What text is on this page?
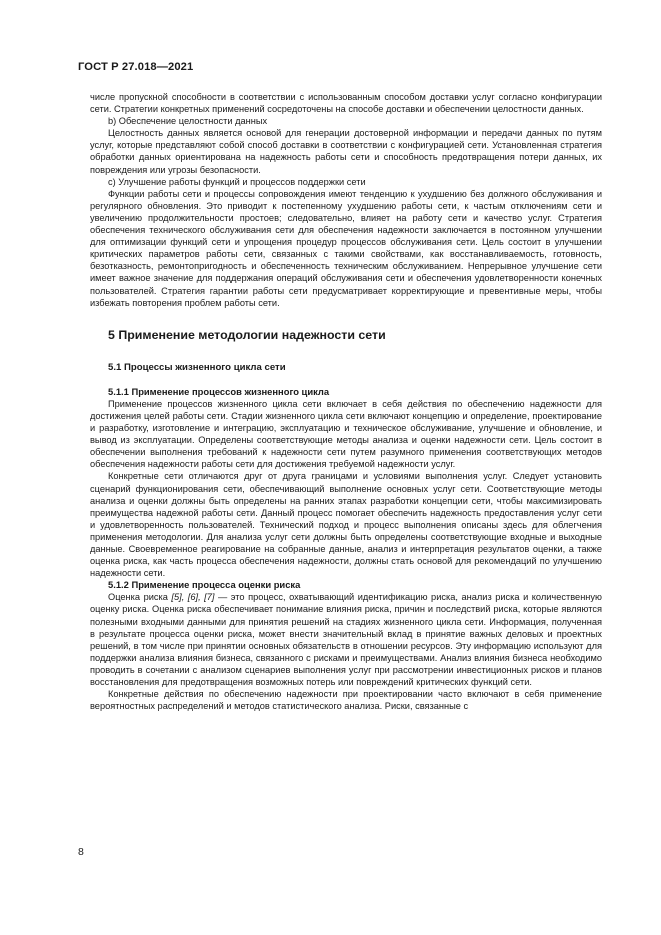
ГОСТ Р 27.018—2021

числе пропускной способности в соответствии с использованным способом доставки услуг согласно конфигурации сети. Стратегии конкретных применений сосредоточены на способе доставки и обеспечении целостности данных.

b) Обеспечение целостности данных

Целостность данных является основой для генерации достоверной информации и передачи данных по путям услуг, которые представляют собой способ доставки в соответствии с конфигурацией сети. Установленная стратегия обработки данных ориентирована на надежность работы сети и способность предотвращения потери данных, их повреждения или угрозы безопасности.

с) Улучшение работы функций и процессов поддержки сети

Функции работы сети и процессы сопровождения имеют тенденцию к ухудшению без должного обслуживания и регулярного обновления. Это приводит к постепенному ухудшению работы сети, к частым отключениям сети и увеличению продолжительности простоев; следовательно, влияет на работу сети и качество услуг. Стратегия обеспечения технического обслуживания сети для обеспечения надежности заключается в постоянном улучшении для оптимизации функций сети и упрощения процедур процессов обслуживания сети. Цель состоит в улучшении критических параметров работы сети, связанных с такими свойствами, как восстанавливаемость, готовность, безотказность, ремонтопригодность и обеспеченность техническим обслуживанием. Непрерывное улучшение сети имеет важное значение для поддержания операций обслуживания сети и обеспечения удовлетворенности конечных пользователей. Стратегия гарантии работы сети предусматривает корректирующие и превентивные меры, чтобы избежать повторения проблем работы сети.

5 Применение методологии надежности сети
5.1 Процессы жизненного цикла сети
5.1.1 Применение процессов жизненного цикла

Применение процессов жизненного цикла сети включает в себя действия по обеспечению надежности для достижения целей работы сети. Стадии жизненного цикла сети включают концепцию и определение, проектирование и разработку, изготовление и интеграцию, эксплуатацию и техническое обслуживание, улучшение и обновление, и вывод из эксплуатации. Определены соответствующие методы анализа и оценки надежности сети. Цель состоит в обеспечении выполнения требований к надежности сети путем разумного применения соответствующих методов обеспечения надежности работы сети для достижения требуемой надежности услуг.

Конкретные сети отличаются друг от друга границами и условиями выполнения услуг. Следует установить сценарий функционирования сети, обеспечивающий выполнение основных услуг сети. Соответствующие методы анализа и оценки должны быть определены на ранних этапах разработки концепции сети, чтобы максимизировать преимущества надежной работы сети. Данный процесс помогает обеспечить надежность предоставления услуг сети и удовлетворенность пользователей. Технический подход и процесс выполнения описаны здесь для облегчения применения методологии. Для анализа услуг сети должны быть определены соответствующие входные и выходные данные. Своевременное реагирование на собранные данные, анализ и интерпретация результатов оценки, а также оценка риска, как часть процесса обеспечения надежности, должны стать основой для рекомендаций по улучшению надежности сети.

5.1.2 Применение процесса оценки риска

Оценка риска [5], [6], [7] — это процесс, охватывающий идентификацию риска, анализ риска и количественную оценку риска. Оценка риска обеспечивает понимание влияния риска, причин и последствий риска, которые являются полезными входными данными для принятия решений на стадиях жизненного цикла сети. Информация, полученная в результате процесса оценки риска, может внести значительный вклад в принятие важных деловых и проектных решений, в том числе при принятии основных обязательств в отношении ресурсов. Эту информацию используют для поддержки анализа влияния бизнеса, связанного с рисками и преимуществами. Анализ влияния бизнеса необходимо проводить в сочетании с анализом сценариев выполнения услуг при рассмотрении инвестиционных рисков и планов восстановления для предотвращения возможных потерь или повреждений критических функций сети.

Конкретные действия по обеспечению надежности при проектировании часто включают в себя применение вероятностных распределений и методов статистического анализа. Риски, связанные с

8
